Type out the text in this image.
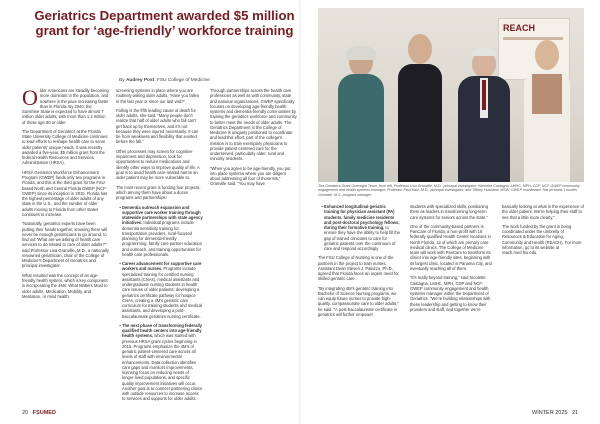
Geriatrics Department awarded $5 million grant for ‘age-friendly’ workforce training
By Audrey Post, FSU College of Medicine

Older Americans are steadily becoming more dominant in the population, and nowhere is the pace increasing faster than in Florida. By 2040, the Sunshine State is expected to have almost 7 million older adults, with more than 1.2 million of those age 80 or older.

The Department of Geriatrics at the Florida State University College of Medicine continues to lead efforts to reshape health care to serve older patients’ unique needs. It was recently awarded a five-year, $5 million grant from the federal Health Resources and Services Administration (HRSA).

HRSA Geriatrics Workforce Enhancement Program (GWEP) funds only two programs in Florida, and this is the third grant for the FSU-based North and Central Florida GWEP (NCF-GWEP) since its inception in 2015. Florida has the highest percentage of older adults of any state in the U.S., and the number of older adults moving to Florida from other states continues to increase.

“Nationally, geriatrics experts have been putting their heads together, knowing there will never be enough geriatricians to go around, to find out ‘What are we asking of health care services to do related to care of older adults?’” said Professor Lisa Granville, M.D., a nationally renowned geriatrician, chair of the College of Medicine’s Department of Geriatrics and principal investigator.

What resulted was the concept of an age-friendly health system, which a key component is incorporating the 4Ms: What Matters Most to older adults, Medication, Mobility, and Mentation, or mind health.

screening systems in place where you are routinely asking older adults, ‘Have you fallen in the last year or since our last visit?’

Falling is the fifth leading cause of death for older adults, she said. “Many people don’t realize that half of older adults who fall can’t get back up by themselves, and it’s not because they were injured necessarily. It can be from weakness and flexibility that existed before the fall.”

Other processes may screen for cognitive impairment and depression, look for opportunities to reduce medications and identify other ways to improve quality of life. A goal is to avoid health care-related harms an older patient may be more vulnerable to.

The most recent grant is funding four projects, which among them have about a dozen programs and partnerships:

• Dementia outreach expansion and supportive care worker training through statewide partnerships with state agency initiatives. Individual programs include dementia sensitivity training for transportation providers, rural-focused planning for dementia-friendly programming, family care partner education and outreach, and training opportunities for health care professionals.
• Career advancement for supportive care workers and nurses. Programs include specialized training for certified nursing assistants (CNAs), medical assistants and undergraduate nursing students in health care issues of older patients; developing a geriatrics certificate pathway for hospice CNAs, creating a 4M’s geriatric care curriculum for training students and medical assistants, and developing a post-baccalaureate geriatrics nursing certificate.
• The next phase of transforming federally qualified health centers into age-friendly health systems, which was started with previous HRSA grant cycles beginning in 2015. Programs emphasize the 4M’s of geriatric patient-centered care across all levels of staff with environmental enhancements. Data collection identifies care gaps and monitors improvements, licensing focus on reducing needs of longer-lived populations, and specific quality improvement initiatives will occur. Another goal is to connect partnering clinics with outside resources to increase access to services and supports for older adults.

Through partnerships across the health care professions as well as with community, state and national organizations, GWEP specifically focuses on developing age-friendly health systems and dementia-friendly communities by training the geriatrics workforce and community to better meet the needs of older adults. The Geriatrics Department in the College of Medicine is uniquely positioned to coordinate and lead this effort, part of the college’s mission is to train exemplary physicians to provide patient-centered care for the underserved, particularly older, rural and minority residents.

“When you agree to be age-friendly, you put into place systems where you are diligent about addressing all four of those Ms,” Granville said. “You may have

REACH
The Geriatrics Grant Oversight Team, from left, Professor Lisa Granville, M.D., principal investigator; Nicolette Castagna, LMHC, MPH, CDP, NCF-GWEP community engagement and health systems manager; Professor Paul Katz, M.D., principal investigator; and Tiffany Husband, MSW, GWEP coordinator. Not pictured: Lourdes Goodwin, M.S. program manager.
• Enhanced longitudinal geriatric training for physician assistant (PA) students, family medicine residents and post-doctoral psychology fellows, during their formative training, to ensure they have the ability to help fill the gap of trained clinicians to care for geriatric patients over the continuum of care and respond accordingly.

The FSU College of Nursing is one of the partners in the project to train nurses. Assistant Dean Steven J. Palazzo, Ph.D., agreed that Florida faces an urgent need for skilled geriatric care.

“By integrating 4M’s geriatric training into Bachelor of Science Nursing programs, we can equip future nurses to provide high-quality, compassionate care to older adults,” he said. “A post-baccalaureate certificate in geriatrics will further empower

students with specialized skills, positioning them as leaders in transforming long-term care systems for seniors across the state.”

One of the community-based partners is PanCare of Florida, a non-profit with 16 federally qualified Health Center locations in North Florida, 12 of which are primary care medical clinics. The College of Medicine team will work with PanCare to transform its clinics into age-friendly sites, beginning with its largest clinic, located in Panama City, and eventually reaching all of them.

“It’s really beyond training,” said Nicolette Castagna, LMHC, MPH, CDP and NCF-GWEP community engagement and health systems manager within the Department of Geriatrics. “We’re building relationships with these leadership and getting to know their providers and staff, and together we’re

basically looking at what in the experience of the older patient. We’re helping their staff to see that a little more clearly.”

The work funded by the grant is being coordinated under the umbrella of Resources & Education for Aging, Community and Health (REACH). For more information, go to its website at reach.med.fsu.edu.

20 FSUMED	WINTER 2025 21
